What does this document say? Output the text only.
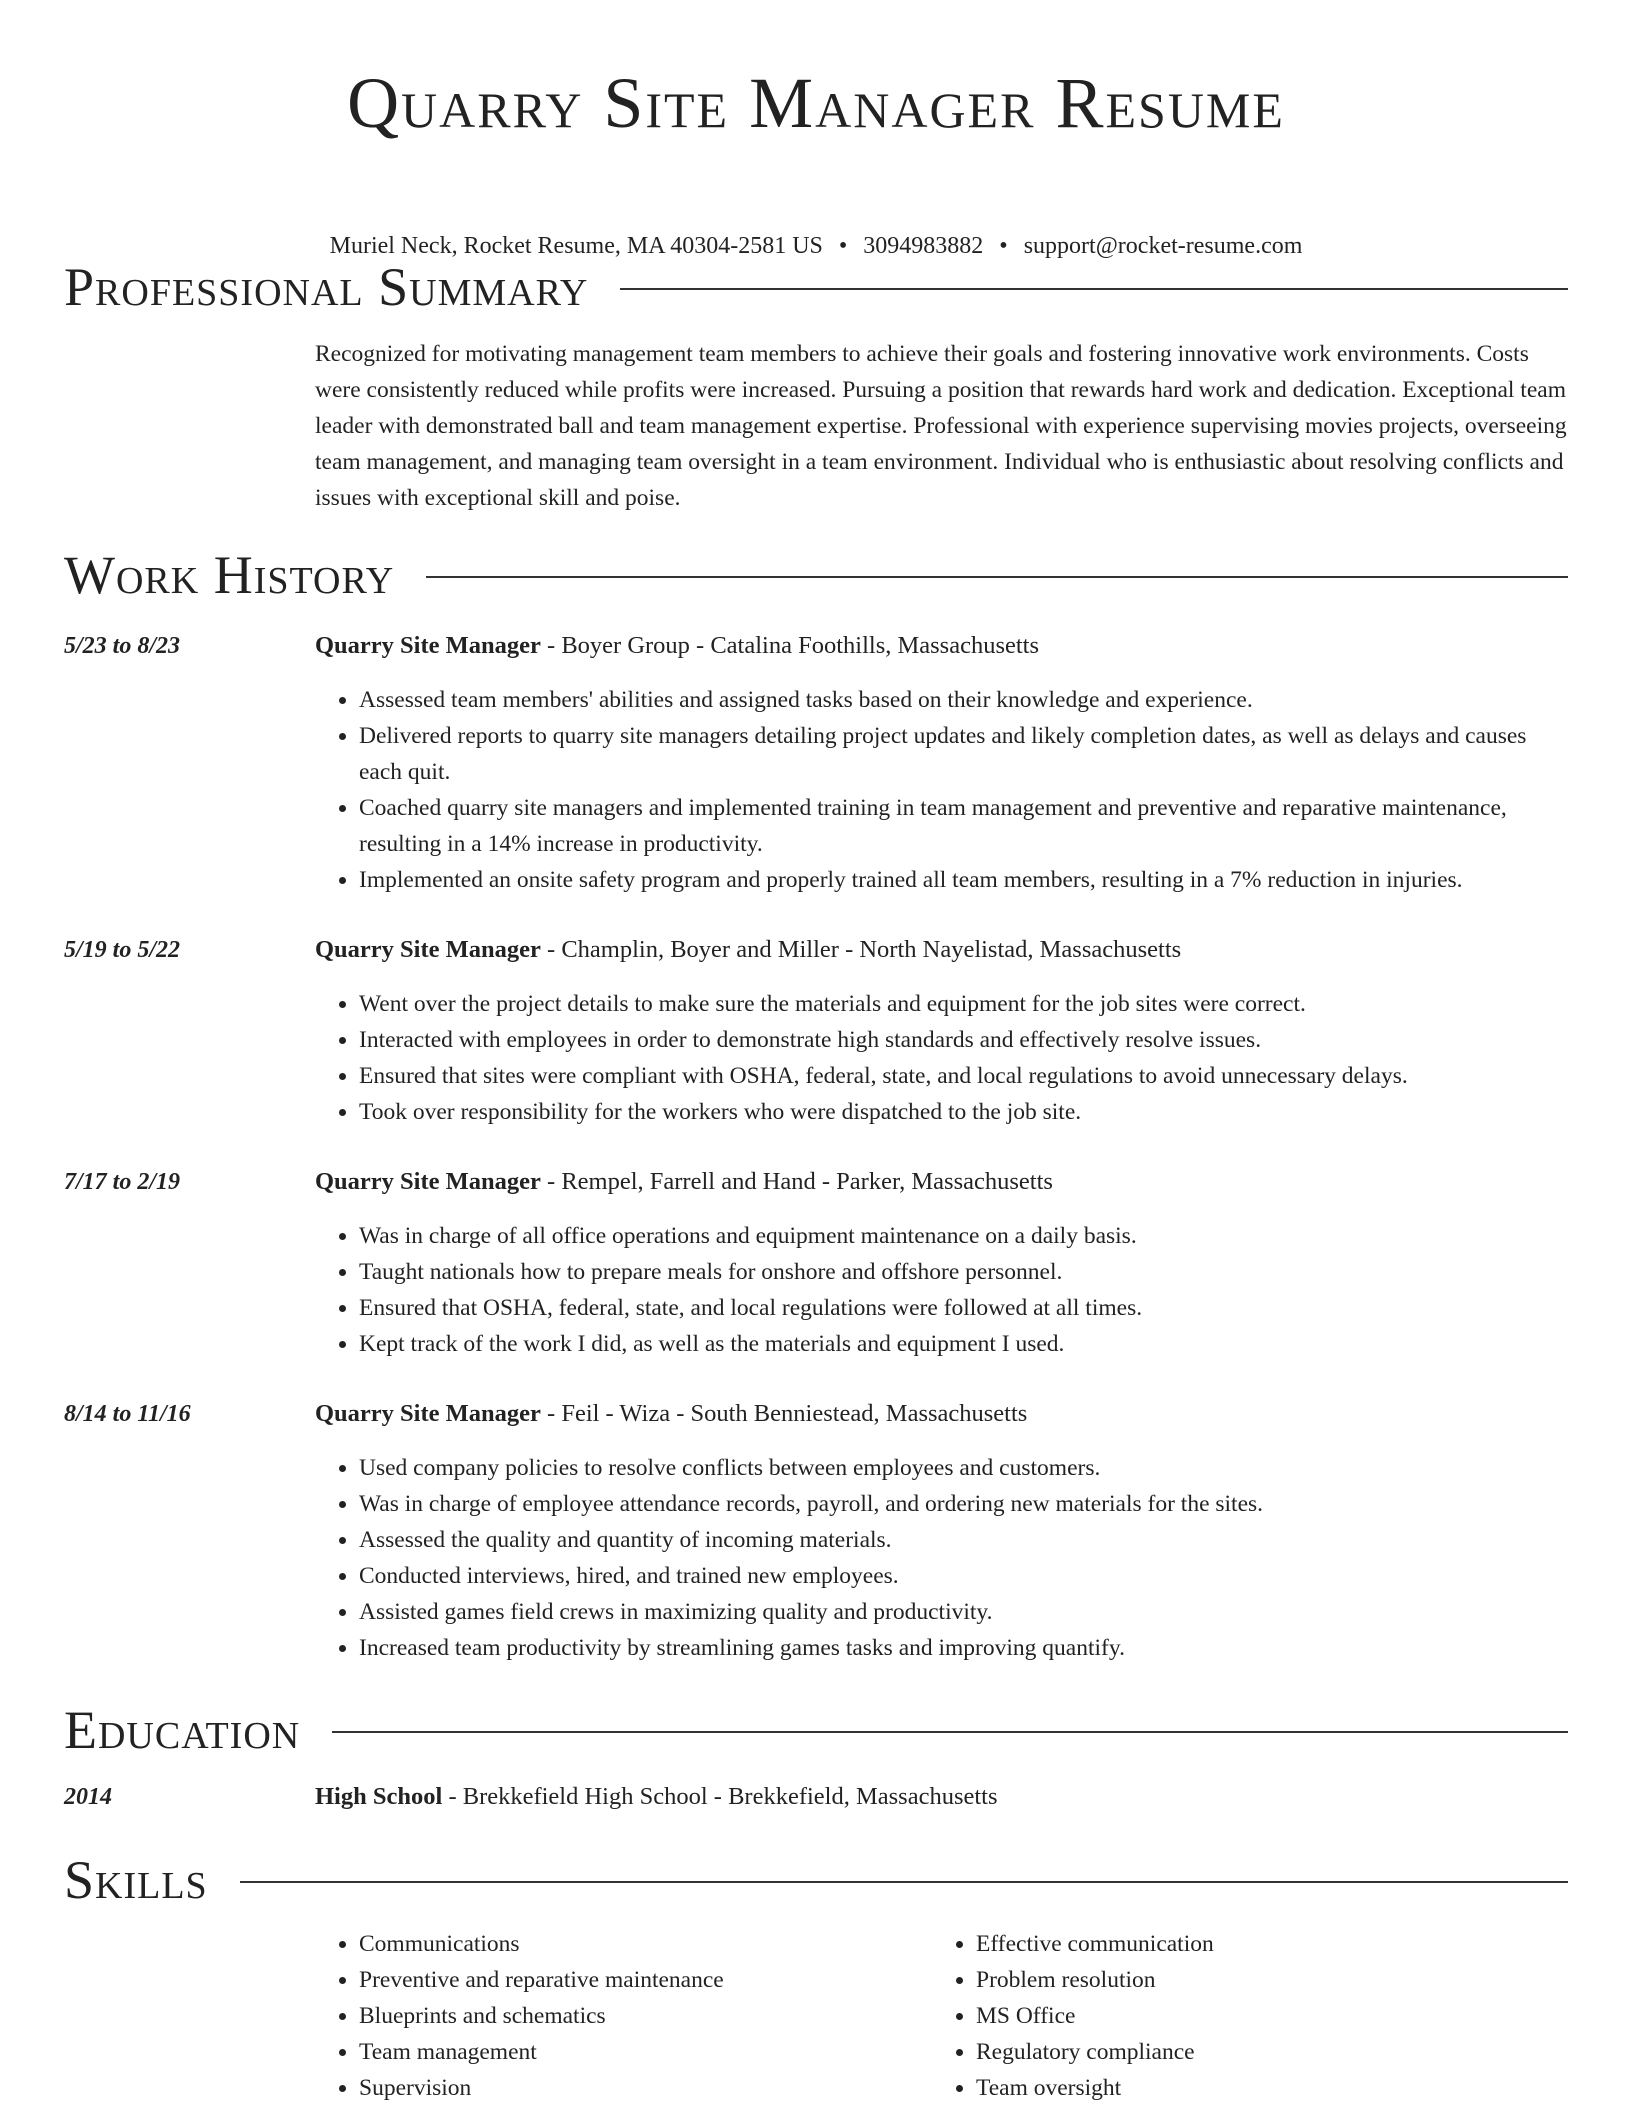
Quarry Site Manager Resume
Muriel Neck, Rocket Resume, MA 40304-2581 US • 3094983882 • support@rocket-resume.com
Professional Summary

Recognized for motivating management team members to achieve their goals and fostering innovative work environments. Costs were consistently reduced while profits were increased. Pursuing a position that rewards hard work and dedication. Exceptional team leader with demonstrated ball and team management expertise. Professional with experience supervising movies projects, overseeing team management, and managing team oversight in a team environment. Individual who is enthusiastic about resolving conflicts and issues with exceptional skill and poise.

Work History
5/23 to 8/23	Quarry Site Manager - Boyer Group - Catalina Foothills, Massachusetts
• Assessed team members' abilities and assigned tasks based on their knowledge and experience.
• Delivered reports to quarry site managers detailing project updates and likely completion dates, as well as delays and causes each quit.
• Coached quarry site managers and implemented training in team management and preventive and reparative maintenance, resulting in a 14% increase in productivity.
• Implemented an onsite safety program and properly trained all team members, resulting in a 7% reduction in injuries.
5/19 to 5/22	Quarry Site Manager - Champlin, Boyer and Miller - North Nayelistad, Massachusetts
• Went over the project details to make sure the materials and equipment for the job sites were correct.
• Interacted with employees in order to demonstrate high standards and effectively resolve issues.
• Ensured that sites were compliant with OSHA, federal, state, and local regulations to avoid unnecessary delays.
• Took over responsibility for the workers who were dispatched to the job site.
7/17 to 2/19	Quarry Site Manager - Rempel, Farrell and Hand - Parker, Massachusetts
• Was in charge of all office operations and equipment maintenance on a daily basis.
• Taught nationals how to prepare meals for onshore and offshore personnel.
• Ensured that OSHA, federal, state, and local regulations were followed at all times.
• Kept track of the work I did, as well as the materials and equipment I used.
8/14 to 11/16	Quarry Site Manager - Feil - Wiza - South Benniestead, Massachusetts
• Used company policies to resolve conflicts between employees and customers.
• Was in charge of employee attendance records, payroll, and ordering new materials for the sites.
• Assessed the quality and quantity of incoming materials.
• Conducted interviews, hired, and trained new employees.
• Assisted games field crews in maximizing quality and productivity.
• Increased team productivity by streamlining games tasks and improving quantify.
Education
2014	High School - Brekkefield High School - Brekkefield, Massachusetts
Skills
• Communications
• Preventive and reparative maintenance
• Blueprints and schematics
• Team management
• Supervision
• Effective communication
• Problem resolution
• MS Office
• Regulatory compliance
• Team oversight
